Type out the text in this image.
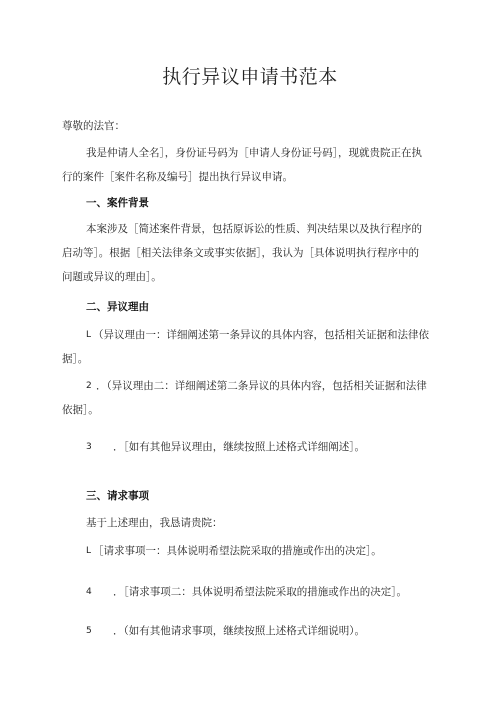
执行异议申请书范本
尊敬的法官：
我是仲请人全名］，身份证号码为［申请人身份证号码］，现就贵院正在执
行的案件［案件名称及编号］提出执行异议申请。
一、案件背景
本案涉及［简述案件背景，包括原诉讼的性质、判决结果以及执行程序的
启动等］。根据［相关法律条文或事实依据］，我认为［具体说明执行程序中的
问题或异议的理由］。
二、异议理由
L （异议理由一：详细阐述第一条异议的具体内容，包括相关证据和法律依
据］。
2 ．（异议理由二：详细阐述第二条异议的具体内容，包括相关证据和法律
依据］。
3 ．［如有其他异议理由，继续按照上述格式详细阐述］。
三、请求事项
基于上述理由，我恳请贵院：
L ［请求事项一：具体说明希望法院采取的措施或作出的决定］。
4 ．［请求事项二：具体说明希望法院采取的措施或作出的决定］。
5 ．（如有其他请求事项，继续按照上述格式详细说明）。
